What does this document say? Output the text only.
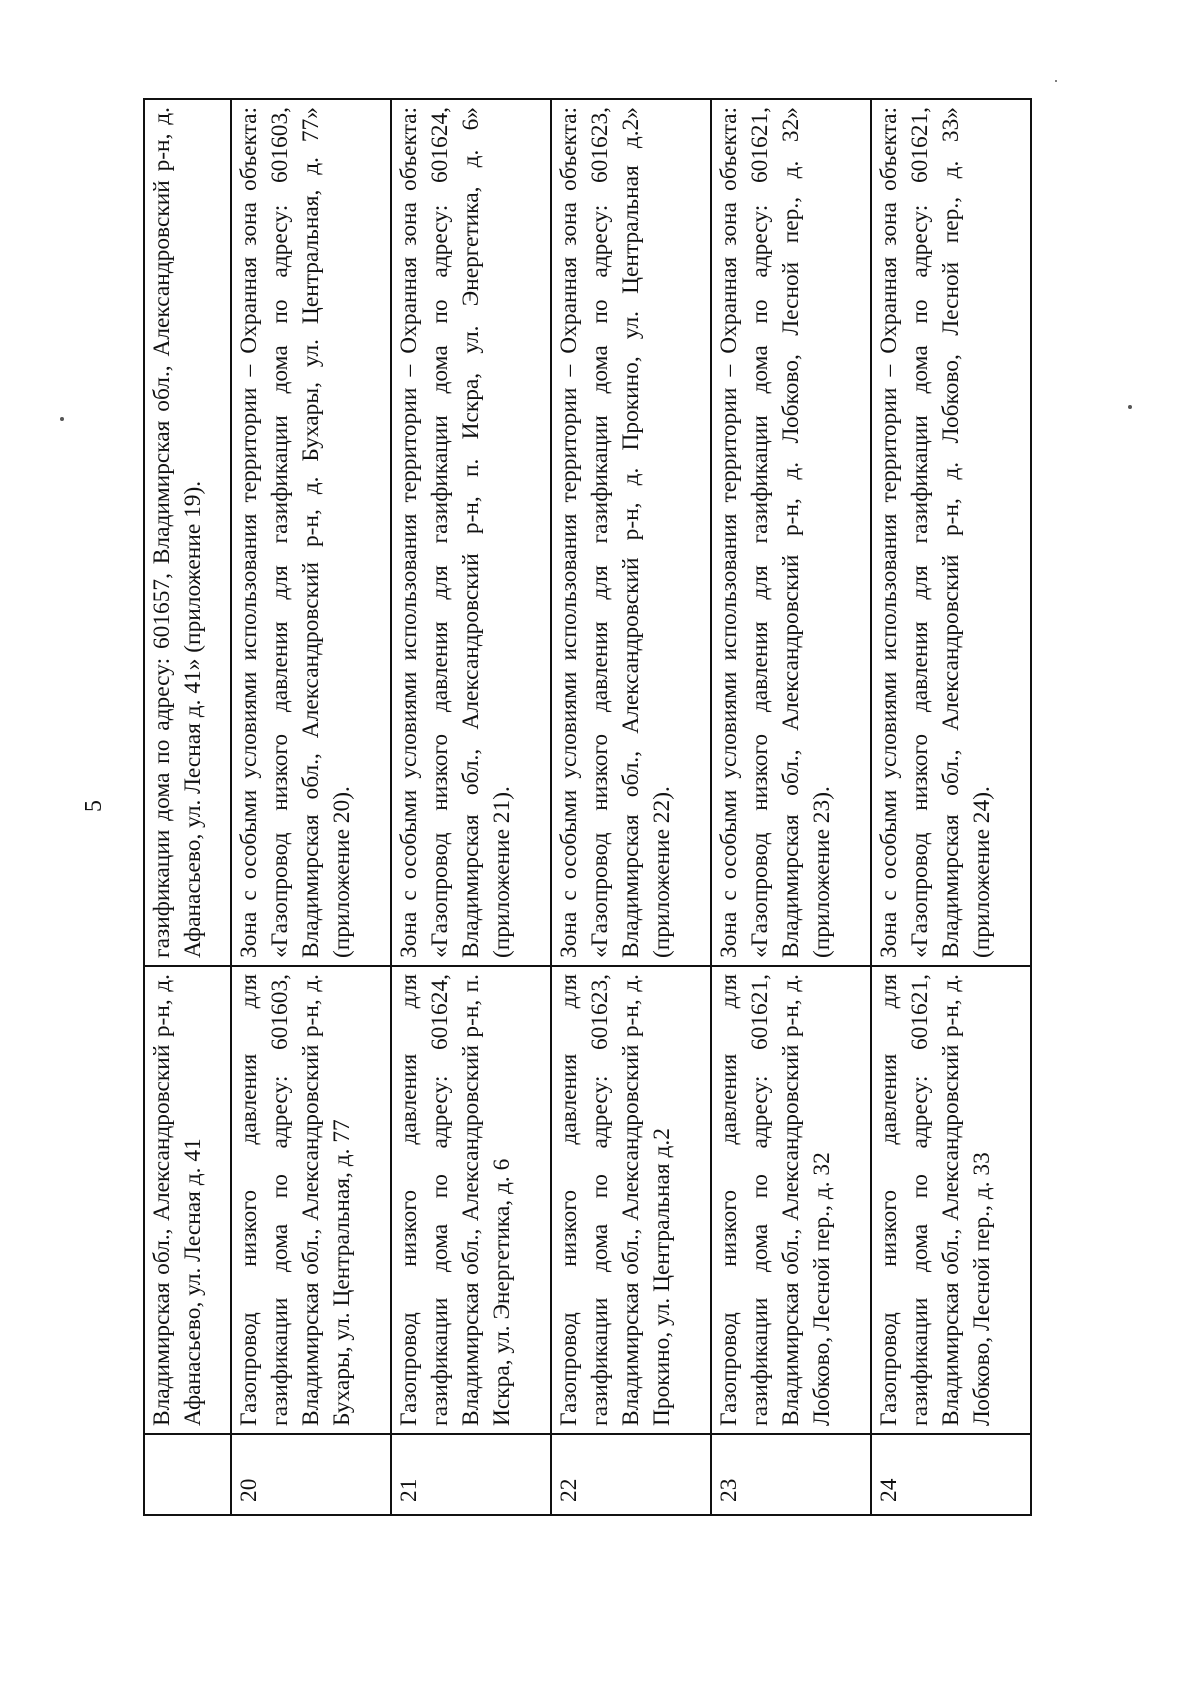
5
	Владимирская обл., Александровский р-н, д. Афанасьево, ул. Лесная д. 41	газификации дома по адресу: 601657, Владимирская обл., Александровский р-н, д. Афанасьево, ул. Лесная д. 41» (приложение 19).
20	Газопровод низкого давления для газификации дома по адресу: 601603, Владимирская обл., Александровский р-н, д. Бухары, ул. Центральная, д. 77	Зона с особыми условиями использования территории – Охранная зона объекта: «Газопровод низкого давления для газификации дома по адресу: 601603, Владимирская обл., Александровский р-н, д. Бухары, ул. Центральная, д. 77» (приложение 20).
21	Газопровод низкого давления для газификации дома по адресу: 601624, Владимирская обл., Александровский р-н, п. Искра, ул. Энергетика, д. 6	Зона с особыми условиями использования территории – Охранная зона объекта: «Газопровод низкого давления для газификации дома по адресу: 601624, Владимирская обл., Александровский р-н, п. Искра, ул. Энергетика, д. 6» (приложение 21).
22	Газопровод низкого давления для газификации дома по адресу: 601623, Владимирская обл., Александровский р-н, д. Прокино, ул. Центральная д.2	Зона с особыми условиями использования территории – Охранная зона объекта: «Газопровод низкого давления для газификации дома по адресу: 601623, Владимирская обл., Александровский р-н, д. Прокино, ул. Центральная д.2» (приложение 22).
23	Газопровод низкого давления для газификации дома по адресу: 601621, Владимирская обл., Александровский р-н, д. Лобково, Лесной пер., д. 32	Зона с особыми условиями использования территории – Охранная зона объекта: «Газопровод низкого давления для газификации дома по адресу: 601621, Владимирская обл., Александровский р-н, д. Лобково, Лесной пер., д. 32» (приложение 23).
24	Газопровод низкого давления для газификации дома по адресу: 601621, Владимирская обл., Александровский р-н, д. Лобково, Лесной пер., д. 33	Зона с особыми условиями использования территории – Охранная зона объекта: «Газопровод низкого давления для газификации дома по адресу: 601621, Владимирская обл., Александровский р-н, д. Лобково, Лесной пер., д. 33» (приложение 24).
